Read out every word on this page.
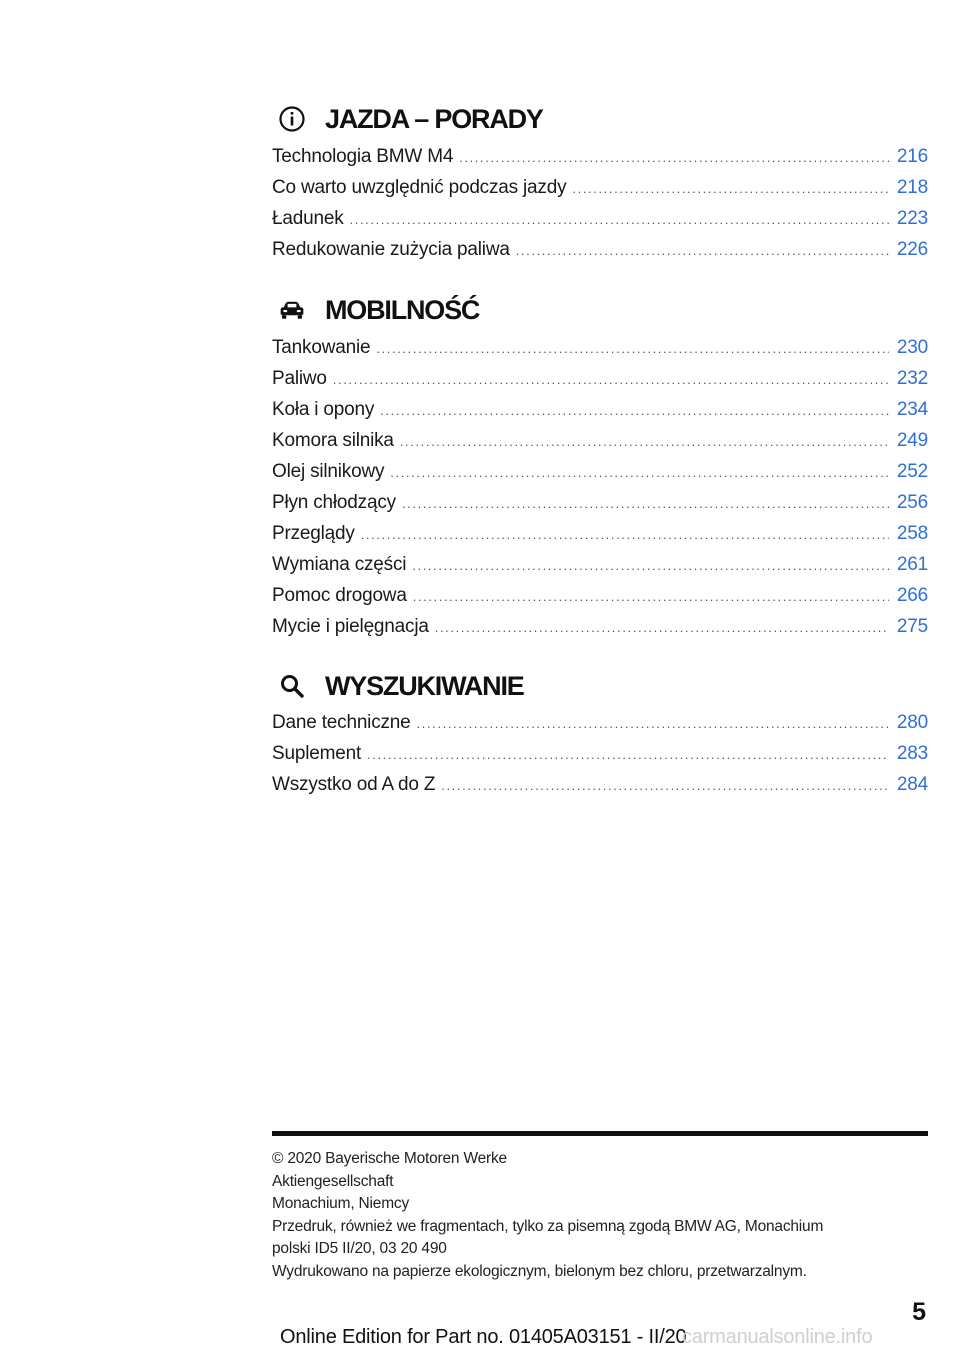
JAZDA – PORADY
Technologia BMW M4 .....	216
Co warto uwzględnić podczas jazdy .....	218
Ładunek .....	223
Redukowanie zużycia paliwa .....	226
MOBILNOŚĆ
Tankowanie .....	230
Paliwo .....	232
Koła i opony .....	234
Komora silnika .....	249
Olej silnikowy .....	252
Płyn chłodzący .....	256
Przeglądy .....	258
Wymiana części .....	261
Pomoc drogowa .....	266
Mycie i pielęgnacja .....	275
WYSZUKIWANIE
Dane techniczne .....	280
Suplement .....	283
Wszystko od A do Z .....	284
© 2020 Bayerische Motoren Werke
Aktiengesellschaft
Monachium, Niemcy
Przedruk, również we fragmentach, tylko za pisemną zgodą BMW AG, Monachium
polski ID5 II/20, 03 20 490
Wydrukowano na papierze ekologicznym, bielonym bez chloru, przetwarzalnym.
5
Online Edition for Part no. 01405A03151 - II/20
carmanualsonline.info
